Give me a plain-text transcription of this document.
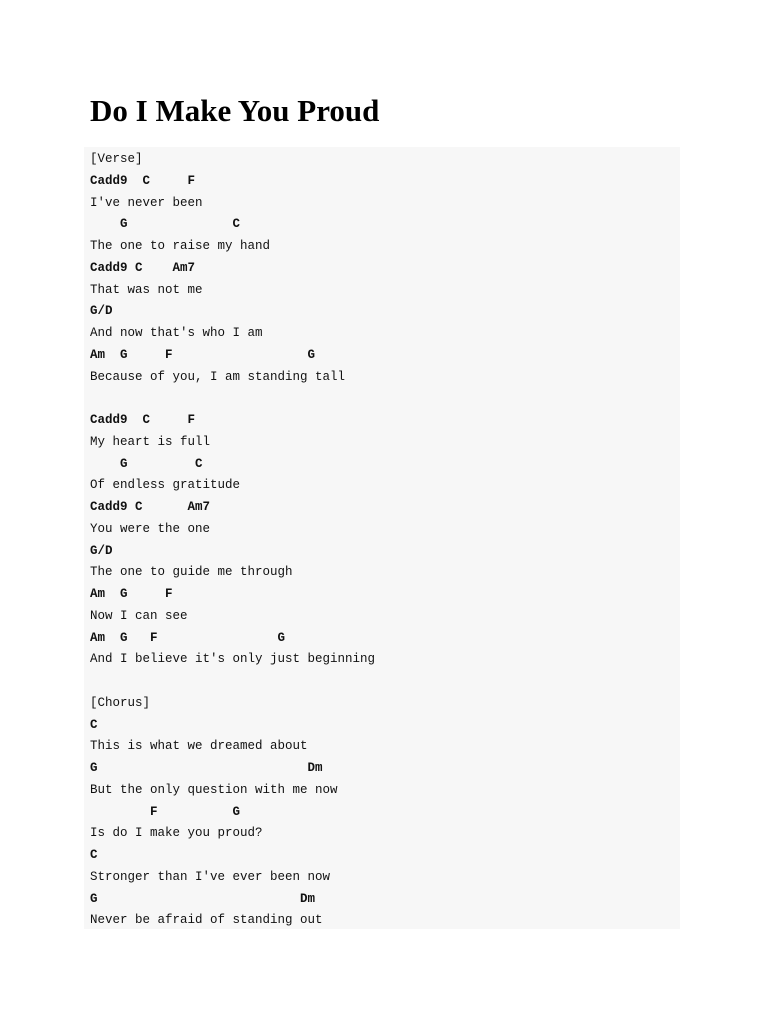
Do I Make You Proud
[Verse]
Cadd9  C     F
I've never been
G              C
The one to raise my hand
Cadd9 C    Am7
That was not me
G/D
And now that's who I am
Am  G     F                  G
Because of you, I am standing tall
Cadd9  C     F
My heart is full
G         C
Of endless gratitude
Cadd9 C      Am7
You were the one
G/D
The one to guide me through
Am  G     F
Now I can see
Am  G   F                G
And I believe it's only just beginning
[Chorus]
C
This is what we dreamed about
G                            Dm
But the only question with me now
F          G
Is do I make you proud?
C
Stronger than I've ever been now
G                           Dm
Never be afraid of standing out
